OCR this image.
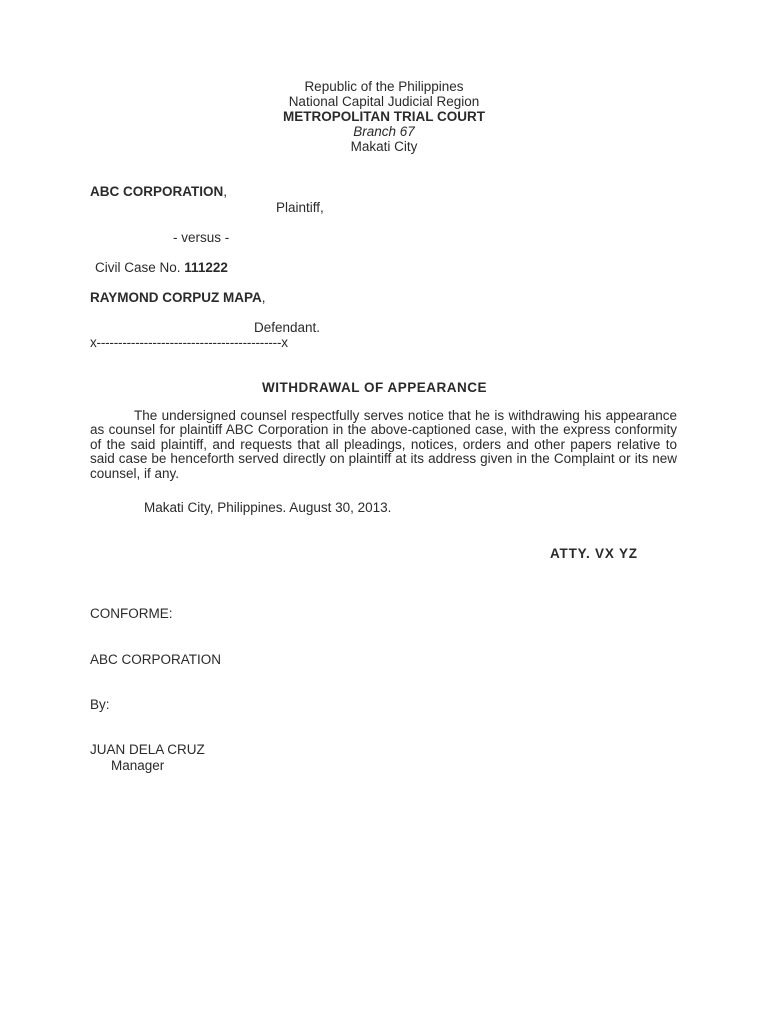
Republic of the Philippines
National Capital Judicial Region
METROPOLITAN TRIAL COURT
Branch 67
Makati City
ABC CORPORATION,
Plaintiff,
- versus -
Civil Case No. 111222
RAYMOND CORPUZ MAPA,
Defendant.
x-------------------------------------------x
WITHDRAWAL OF APPEARANCE
The undersigned counsel respectfully serves notice that he is withdrawing his appearance as counsel for plaintiff ABC Corporation in the above-captioned case, with the express conformity of the said plaintiff, and requests that all pleadings, notices, orders and other papers relative to said case be henceforth served directly on plaintiff at its address given in the Complaint or its new counsel, if any.
Makati City, Philippines. August 30, 2013.
ATTY. VX YZ
CONFORME:
ABC CORPORATION
By:
JUAN DELA CRUZ
Manager
